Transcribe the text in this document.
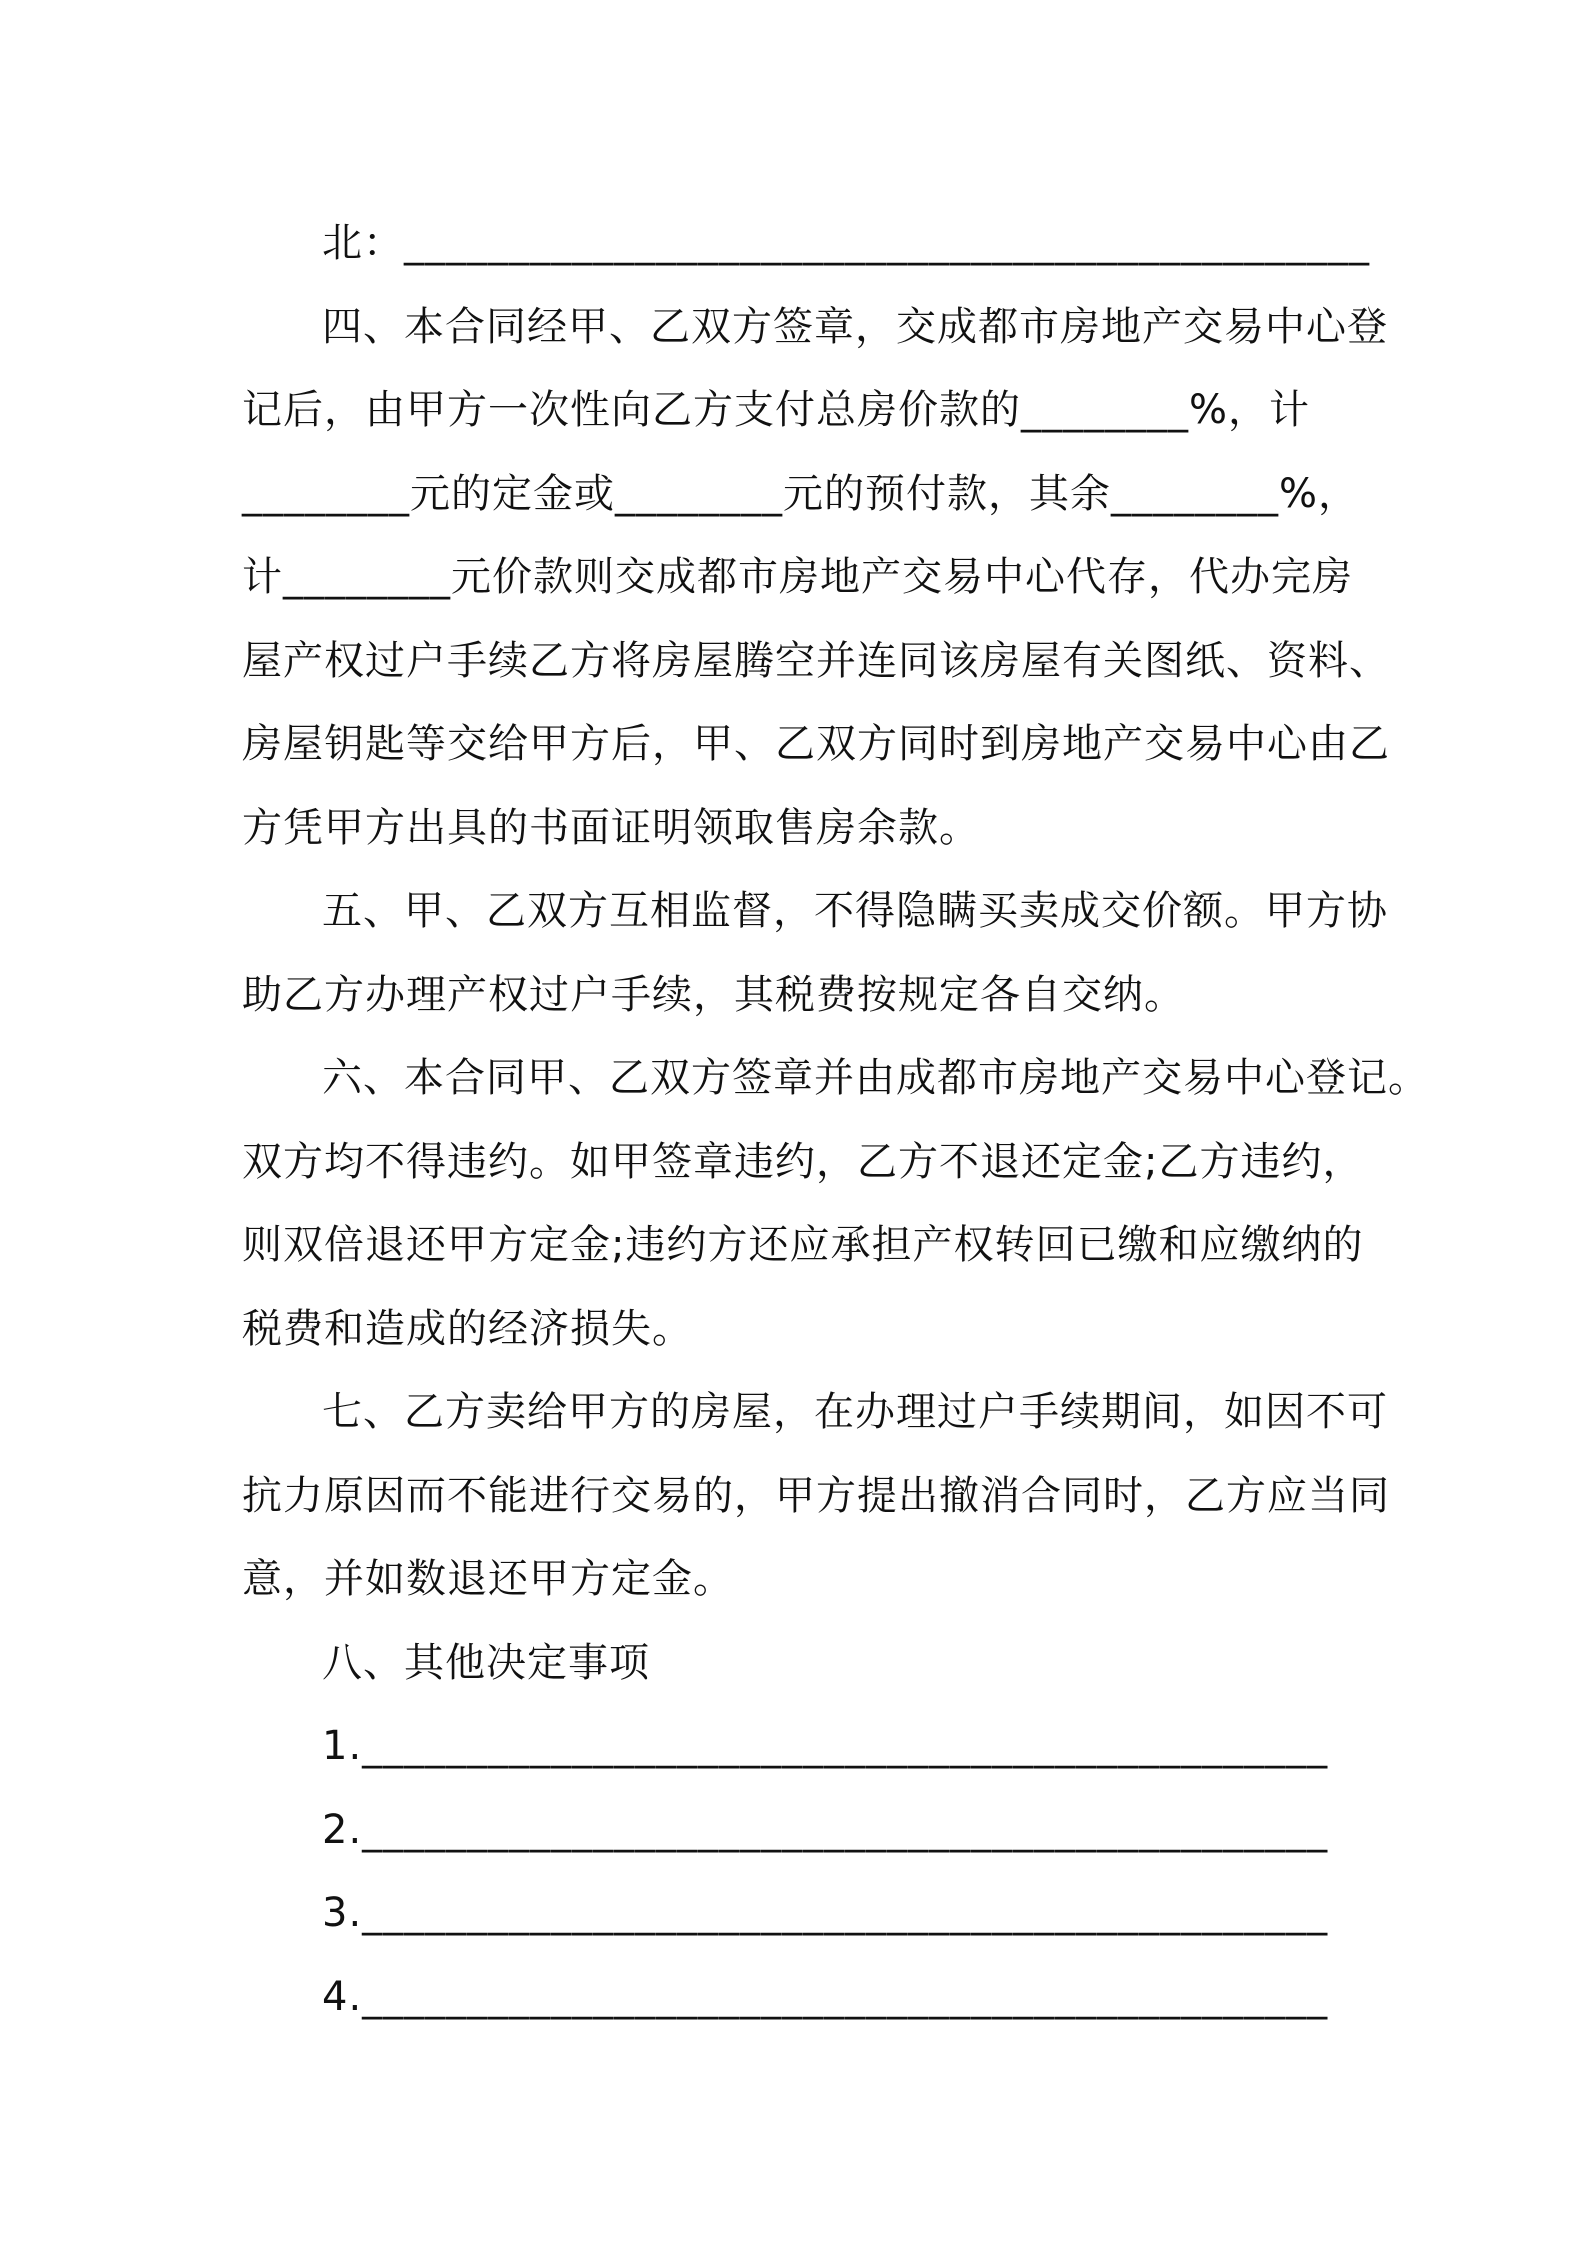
北：______________________________________________
四、本合同经甲、乙双方签章，交成都市房地产交易中心登
记后，由甲方一次性向乙方支付总房价款的________%，计
________元的定金或________元的预付款，其余________%，
计________元价款则交成都市房地产交易中心代存，代办完房
屋产权过户手续乙方将房屋腾空并连同该房屋有关图纸、资料、
房屋钥匙等交给甲方后，甲、乙双方同时到房地产交易中心由乙
方凭甲方出具的书面证明领取售房余款。
五、甲、乙双方互相监督，不得隐瞒买卖成交价额。甲方协
助乙方办理产权过户手续，其税费按规定各自交纳。
六、本合同甲、乙双方签章并由成都市房地产交易中心登记。
双方均不得违约。如甲签章违约，乙方不退还定金;乙方违约，
则双倍退还甲方定金;违约方还应承担产权转回已缴和应缴纳的
税费和造成的经济损失。
七、乙方卖给甲方的房屋，在办理过户手续期间，如因不可
抗力原因而不能进行交易的，甲方提出撤消合同时，乙方应当同
意，并如数退还甲方定金。
八、其他决定事项
1.______________________________________________
2.______________________________________________
3.______________________________________________
4.______________________________________________
